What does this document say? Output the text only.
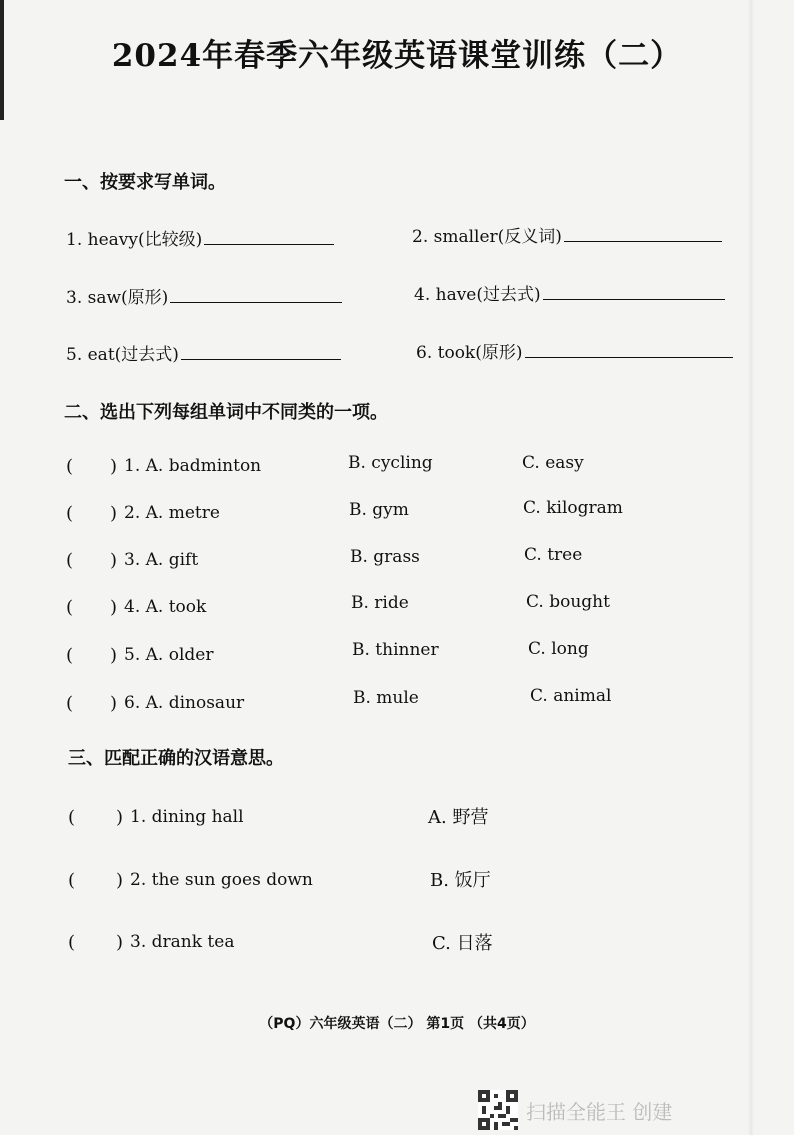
2024年春季六年级英语课堂训练（二）
一、按要求写单词。
1. heavy(比较级)	2. smaller(反义词)
3. saw(原形)	4. have(过去式)
5. eat(过去式)	6. took(原形)
二、选出下列每组单词中不同类的一项。
( ) 1. A. badminton	B. cycling	C. easy
( ) 2. A. metre	B. gym	C. kilogram
( ) 3. A. gift	B. grass	C. tree
( ) 4. A. took	B. ride	C. bought
( ) 5. A. older	B. thinner	C. long
( ) 6. A. dinosaur	B. mule	C. animal
三、匹配正确的汉语意思。
( ) 1. dining hall	A. 野营
( ) 2. the sun goes down	B. 饭厅
( ) 3. drank tea	C. 日落
（PQ）六年级英语（二） 第1页 （共4页）
扫描全能王 创建
